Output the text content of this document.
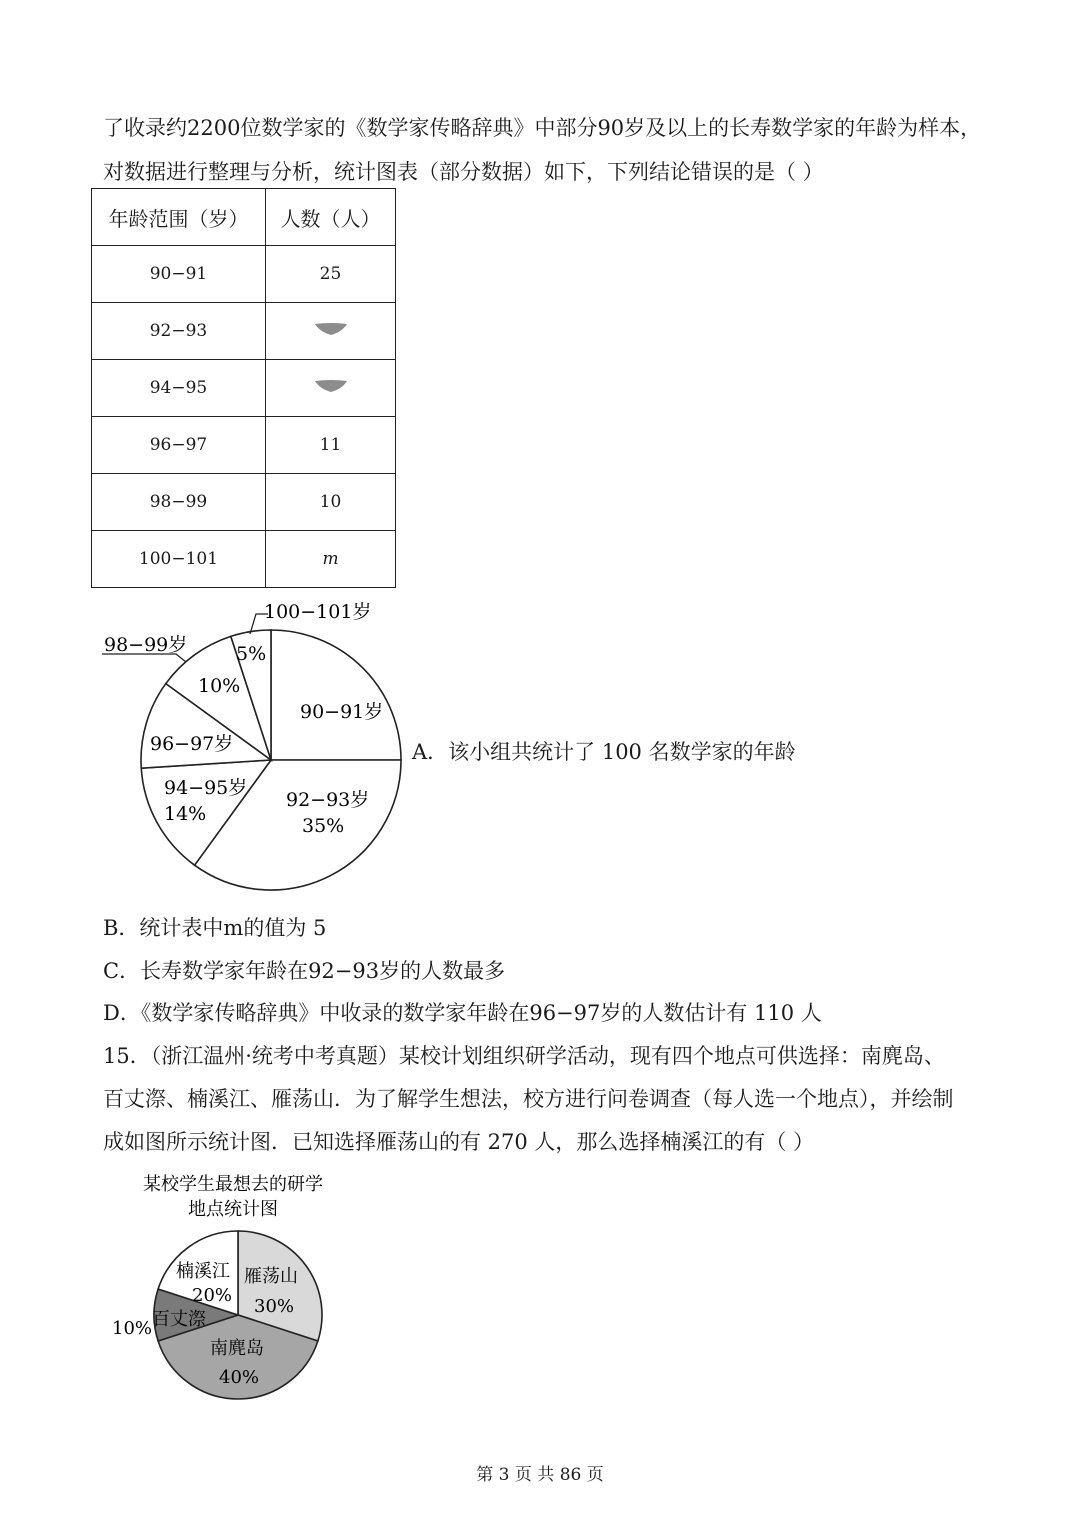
了收录约2200位数学家的《数学家传略辞典》中部分90岁及以上的长寿数学家的年龄为样本，
对数据进行整理与分析，统计图表（部分数据）如下，下列结论错误的是（ ）
年龄范围（岁）	人数（人）
90−91	25
92−93	
94−95	
96−97	11
98−99	10
100−101	m
100−101岁
5%
98−99岁
10%
90−91岁
96−97岁
94−95岁
14%
92−93岁
35%
A．该小组共统计了 100 名数学家的年龄
B．统计表中m的值为 5
C．长寿数学家年龄在92−93岁的人数最多
D．《数学家传略辞典》中收录的数学家年龄在96−97岁的人数估计有 110 人
15．（浙江温州·统考中考真题）某校计划组织研学活动，现有四个地点可供选择：南麂岛、
百丈漈、楠溪江、雁荡山．为了解学生想法，校方进行问卷调查（每人选一个地点），并绘制
成如图所示统计图．已知选择雁荡山的有 270 人，那么选择楠溪江的有（ ）
某校学生最想去的研学
地点统计图
雁荡山
30%
南麂岛
40%
百丈漈
10%
楠溪江
20%
第 3 页 共 86 页
